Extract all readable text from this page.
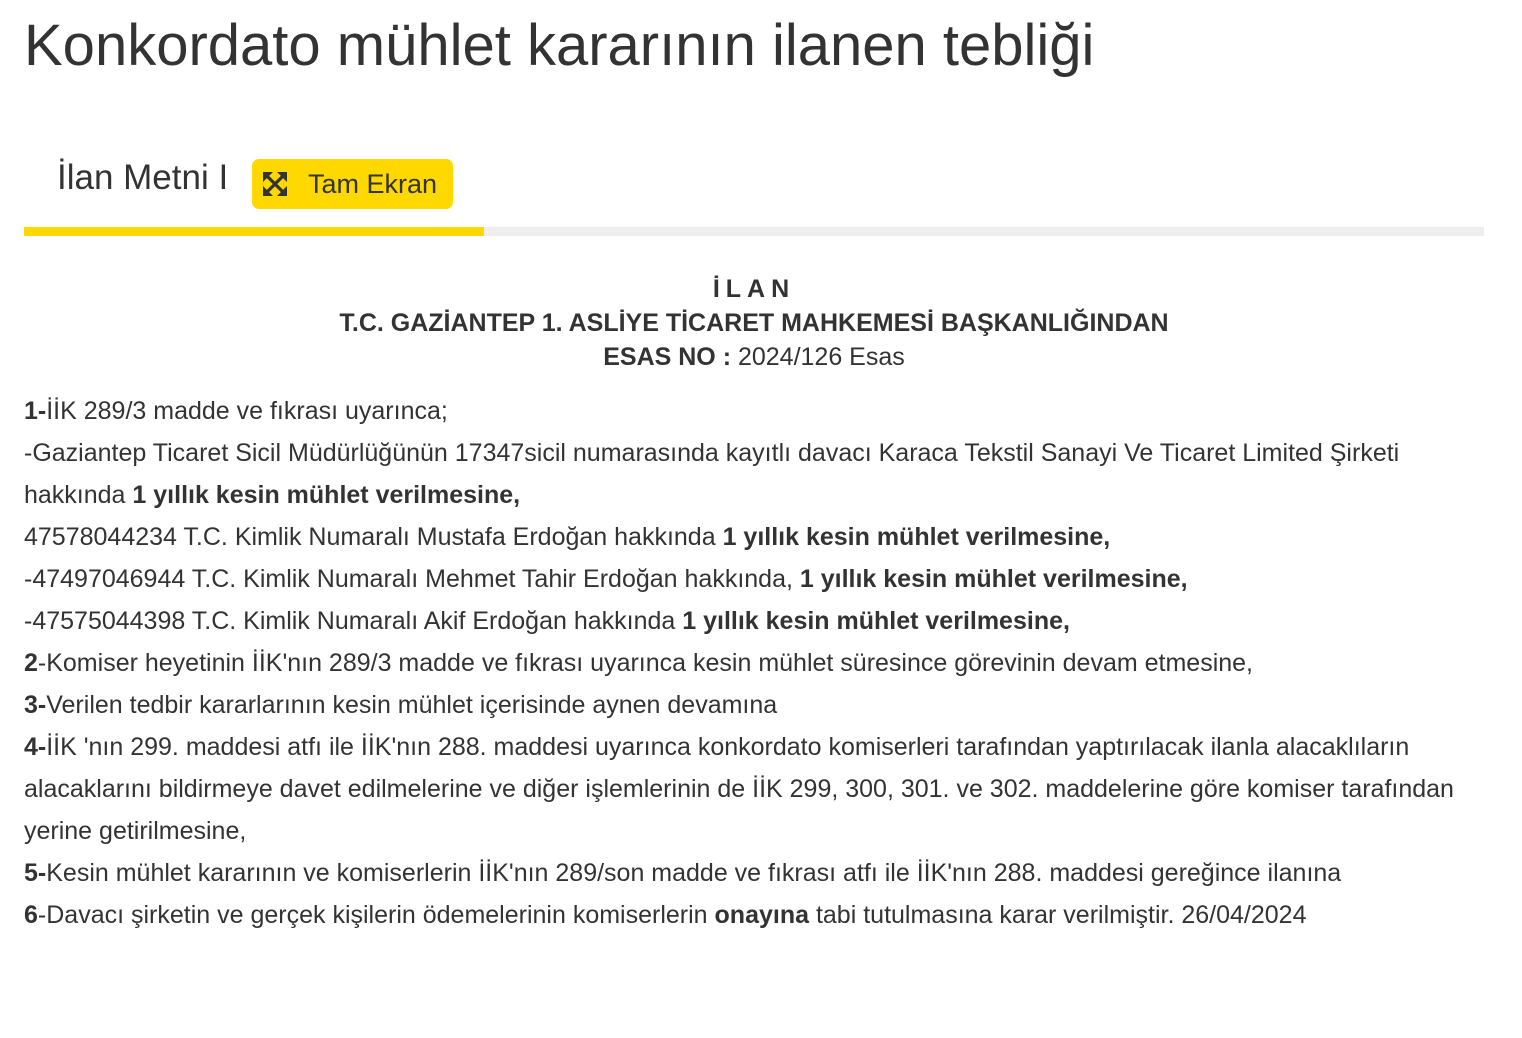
Konkordato mühlet kararının ilanen tebliği
İlan Metni I	Tam Ekran
İLAN
T.C. GAZİANTEP 1. ASLİYE TİCARET MAHKEMESİ BAŞKANLIĞINDAN
ESAS NO : 2024/126 Esas

1-İİK 289/3 madde ve fıkrası uyarınca;

-Gaziantep Ticaret Sicil Müdürlüğünün 17347sicil numarasında kayıtlı davacı Karaca Tekstil Sanayi Ve Ticaret Limited Şirketi hakkında 1 yıllık kesin mühlet verilmesine,

47578044234 T.C. Kimlik Numaralı Mustafa Erdoğan hakkında 1 yıllık kesin mühlet verilmesine,

-47497046944 T.C. Kimlik Numaralı Mehmet Tahir Erdoğan hakkında, 1 yıllık kesin mühlet verilmesine,

-47575044398 T.C. Kimlik Numaralı Akif Erdoğan hakkında 1 yıllık kesin mühlet verilmesine,

2-Komiser heyetinin İİK'nın 289/3 madde ve fıkrası uyarınca kesin mühlet süresince görevinin devam etmesine,

3-Verilen tedbir kararlarının kesin mühlet içerisinde aynen devamına

4-İİK 'nın 299. maddesi atfı ile İİK'nın 288. maddesi uyarınca konkordato komiserleri tarafından yaptırılacak ilanla alacaklıların alacaklarını bildirmeye davet edilmelerine ve diğer işlemlerinin de İİK 299, 300, 301. ve 302. maddelerine göre komiser tarafından yerine getirilmesine,

5-Kesin mühlet kararının ve komiserlerin İİK'nın 289/son madde ve fıkrası atfı ile İİK'nın 288. maddesi gereğince ilanına

6-Davacı şirketin ve gerçek kişilerin ödemelerinin komiserlerin onayına tabi tutulmasına karar verilmiştir. 26/04/2024
